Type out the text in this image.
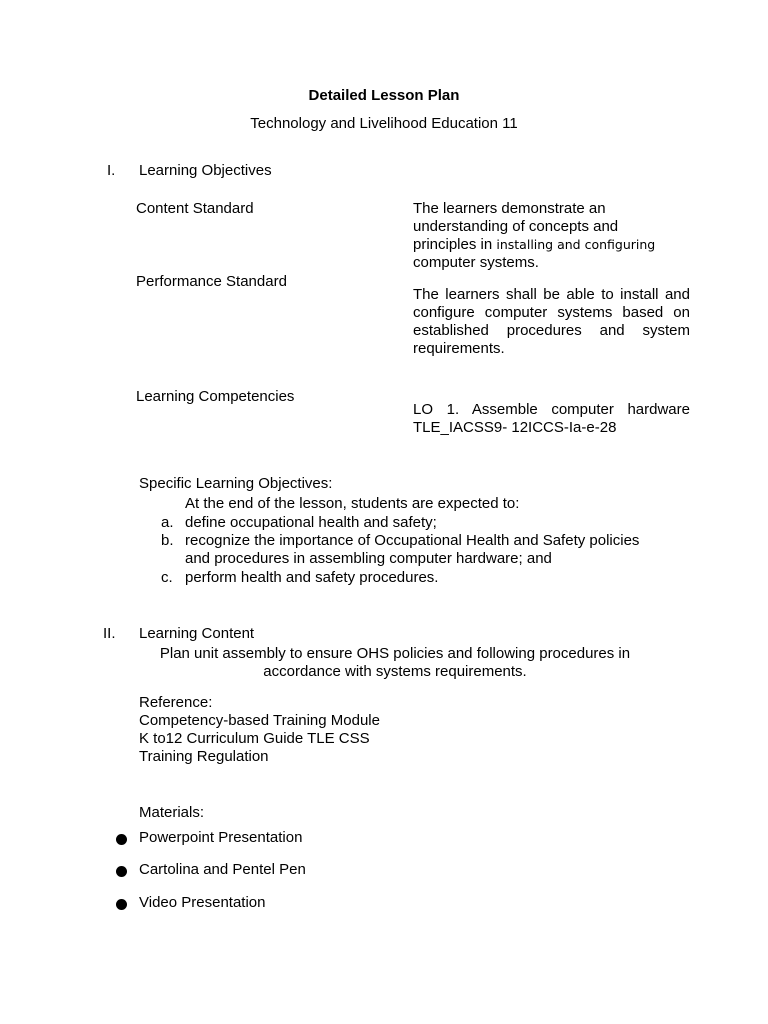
Detailed Lesson Plan
Technology and Livelihood Education 11
I. Learning Objectives
Content Standard	The learners demonstrate an
understanding of concepts and
principles in installing and configuring
computer systems.
Performance Standard
The learners shall be able to install and
configure computer systems based on
established procedures and system
requirements.
Learning Competencies
LO 1. Assemble computer hardware
TLE_IACSS9- 12ICCS-Ia-e-28
Specific Learning Objectives:
At the end of the lesson, students are expected to:
a. define occupational health and safety;
b. recognize the importance of Occupational Health and Safety policies
and procedures in assembling computer hardware; and
c. perform health and safety procedures.
II. Learning Content
Plan unit assembly to ensure OHS policies and following procedures in
accordance with systems requirements.
Reference:
Competency-based Training Module
K to12 Curriculum Guide TLE CSS
Training Regulation
Materials:
Powerpoint Presentation
Cartolina and Pentel Pen
Video Presentation
